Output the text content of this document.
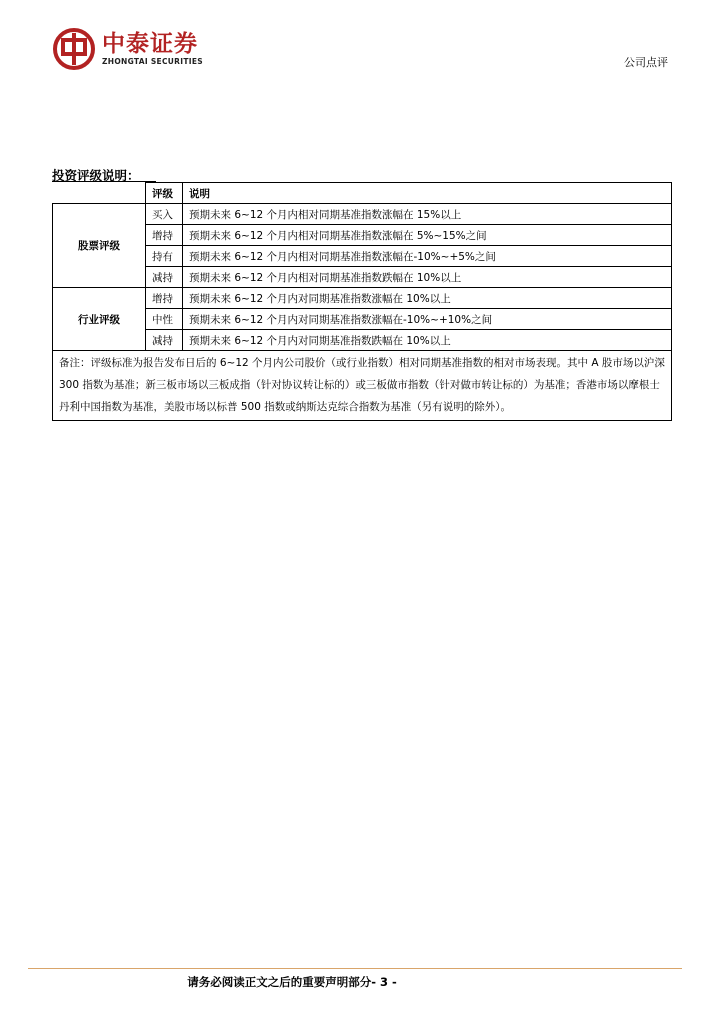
中泰证券
ZHONGTAI SECURITIES	公司点评
投资评级说明：
	评级	说明
股票评级	买入	预期未来 6~12 个月内相对同期基准指数涨幅在 15%以上
	增持	预期未来 6~12 个月内相对同期基准指数涨幅在 5%~15%之间
	持有	预期未来 6~12 个月内相对同期基准指数涨幅在-10%~+5%之间
	减持	预期未来 6~12 个月内相对同期基准指数跌幅在 10%以上
行业评级	增持	预期未来 6~12 个月内对同期基准指数涨幅在 10%以上
	中性	预期未来 6~12 个月内对同期基准指数涨幅在-10%~+10%之间
	减持	预期未来 6~12 个月内对同期基准指数跌幅在 10%以上
备注：评级标准为报告发布日后的 6~12 个月内公司股价（或行业指数）相对同期基准指数的相对市场表现。其中 A 股市场以沪深 300 指数为基准；新三板市场以三板成指（针对协议转让标的）或三板做市指数（针对做市转让标的）为基准；香港市场以摩根士丹利中国指数为基准，美股市场以标普 500 指数或纳斯达克综合指数为基准（另有说明的除外）。		
请务必阅读正文之后的重要声明部分- 3 -
